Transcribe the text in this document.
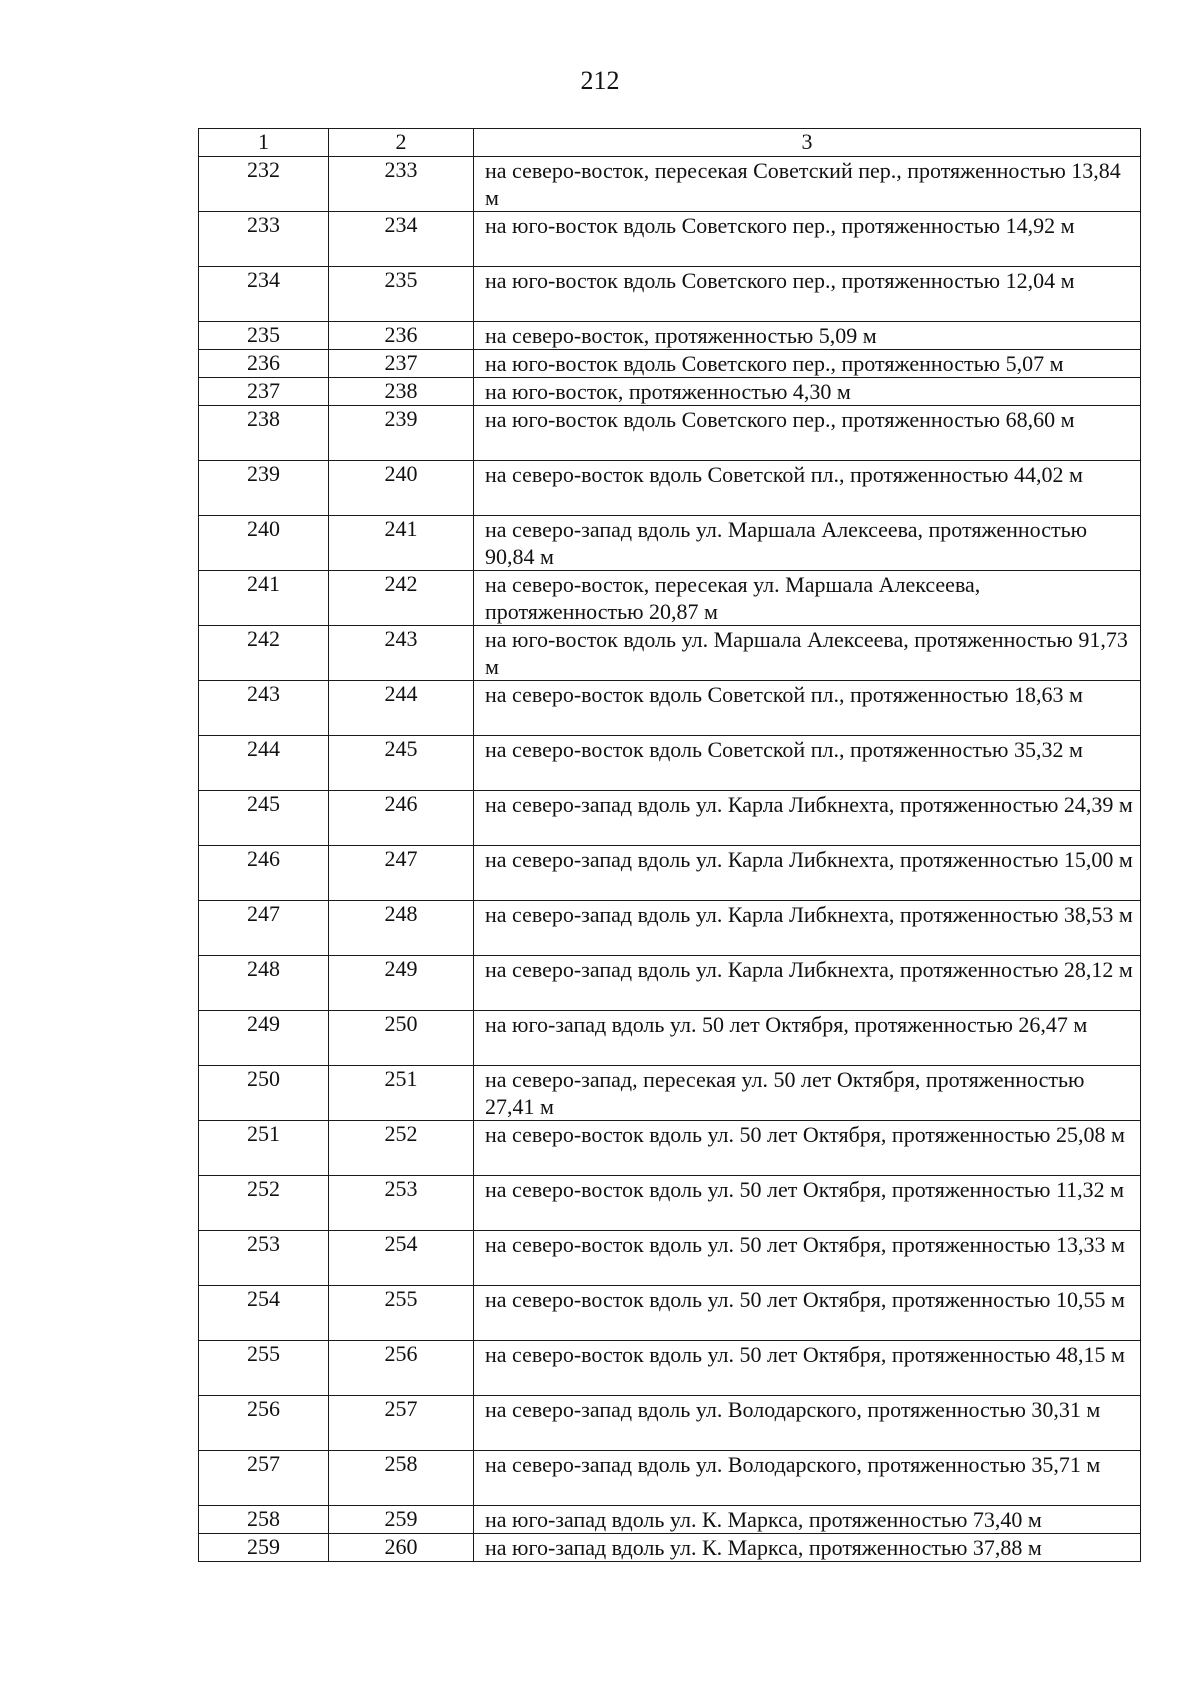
212
1	2	3
232	233	на северо-восток, пересекая Советский пер., протяженностью 13,84 м
233	234	на юго-восток вдоль Советского пер., протяженностью 14,92 м
234	235	на юго-восток вдоль Советского пер., протяженностью 12,04 м
235	236	на северо-восток, протяженностью 5,09 м
236	237	на юго-восток вдоль Советского пер., протяженностью 5,07 м
237	238	на юго-восток, протяженностью 4,30 м
238	239	на юго-восток вдоль Советского пер., протяженностью 68,60 м
239	240	на северо-восток вдоль Советской пл., протяженностью 44,02 м
240	241	на северо-запад вдоль ул. Маршала Алексеева, протяженностью 90,84 м
241	242	на северо-восток, пересекая ул. Маршала Алексеева, протяженностью 20,87 м
242	243	на юго-восток вдоль ул. Маршала Алексеева, протяженностью 91,73 м
243	244	на северо-восток вдоль Советской пл., протяженностью 18,63 м
244	245	на северо-восток вдоль Советской пл., протяженностью 35,32 м
245	246	на северо-запад вдоль ул. Карла Либкнехта, протяженностью 24,39 м
246	247	на северо-запад вдоль ул. Карла Либкнехта, протяженностью 15,00 м
247	248	на северо-запад вдоль ул. Карла Либкнехта, протяженностью 38,53 м
248	249	на северо-запад вдоль ул. Карла Либкнехта, протяженностью 28,12 м
249	250	на юго-запад вдоль ул. 50 лет Октября, протяженностью 26,47 м
250	251	на северо-запад, пересекая ул. 50 лет Октября, протяженностью 27,41 м
251	252	на северо-восток вдоль ул. 50 лет Октября, протяженностью 25,08 м
252	253	на северо-восток вдоль ул. 50 лет Октября, протяженностью 11,32 м
253	254	на северо-восток вдоль ул. 50 лет Октября, протяженностью 13,33 м
254	255	на северо-восток вдоль ул. 50 лет Октября, протяженностью 10,55 м
255	256	на северо-восток вдоль ул. 50 лет Октября, протяженностью 48,15 м
256	257	на северо-запад вдоль ул. Володарского, протяженностью 30,31 м
257	258	на северо-запад вдоль ул. Володарского, протяженностью 35,71 м
258	259	на юго-запад вдоль ул. К. Маркса, протяженностью 73,40 м
259	260	на юго-запад вдоль ул. К. Маркса, протяженностью 37,88 м
